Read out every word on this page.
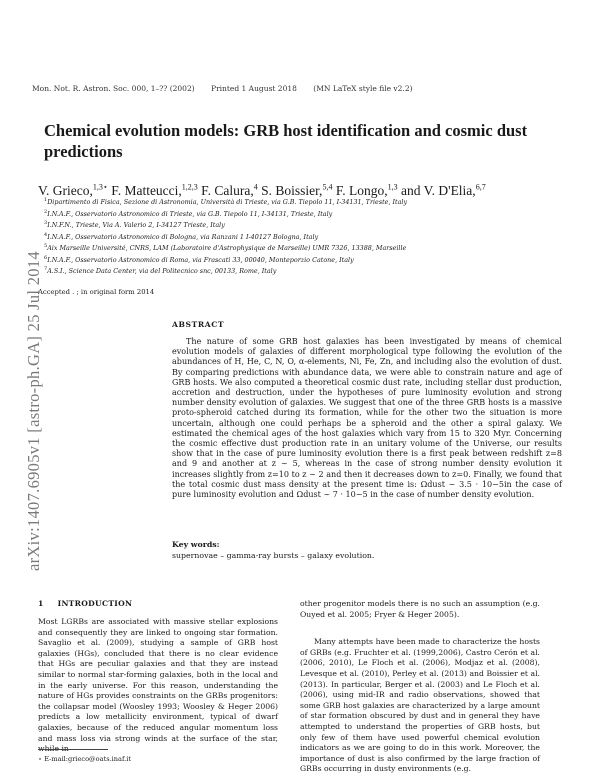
arXiv:1407.6905v1 [astro-ph.GA] 25 Jul 2014
Mon. Not. R. Astron. Soc. 000, 1–?? (2002) Printed 1 August 2018 (MN LaTeX style file v2.2)
Chemical evolution models: GRB host identification and cosmic dust predictions
V. Grieco,$^{1,3⋆}$ F. Matteucci,$^{1,2,3}$ F. Calura,$^4$ S. Boissier,$^{5,4}$ F. Longo,$^{1,3}$ and V. D'Elia,$^{6,7}$
$^1$Dipartimento di Fisica, Sezione di Astronomia, Università di Trieste, via G.B. Tiepolo 11, I-34131, Trieste, Italy
$^2$I.N.A.F., Osservatorio Astronomico di Trieste, via G.B. Tiepolo 11, I-34131, Trieste, Italy
$^3$I.N.F.N., Trieste, Via A. Valerio 2, I-34127 Trieste, Italy
$^4$I.N.A.F., Osservatorio Astronomico di Bologna, via Ranzani 1 I-40127 Bologna, Italy
$^5$Aix Marseille Université, CNRS, LAM (Laboratoire d'Astrophysique de Marseille) UMR 7326, 13388, Marseille
$^6$I.N.A.F., Osservatorio Astronomico di Roma, via Frascati 33, 00040, Monteporzio Catone, Italy
$^7$A.S.I., Science Data Center, via del Politecnico snc, 00133, Rome, Italy
Accepted . ; in original form 2014
ABSTRACT

The nature of some GRB host galaxies has been investigated by means of chemical evolution models of galaxies of different morphological type following the evolution of the abundances of H, He, C, N, O, α-elements, Ni, Fe, Zn, and including also the evolution of dust. By comparing predictions with abundance data, we were able to constrain nature and age of GRB hosts. We also computed a theoretical cosmic dust rate, including stellar dust production, accretion and destruction, under the hypotheses of pure luminosity evolution and strong number density evolution of galaxies. We suggest that one of the three GRB hosts is a massive proto-spheroid catched during its formation, while for the other two the situation is more uncertain, although one could perhaps be a spheroid and the other a spiral galaxy. We estimated the chemical ages of the host galaxies which vary from 15 to 320 Myr. Concerning the cosmic effective dust production rate in an unitary volume of the Universe, our results show that in the case of pure luminosity evolution there is a first peak between redshift z=8 and 9 and another at z ∼ 5, whereas in the case of strong number density evolution it increases slightly from z=10 to z ∼ 2 and then it decreases down to z=0. Finally, we found that the total cosmic dust mass density at the present time is: Ωdust ∼ 3.5 · 10−5in the case of pure luminosity evolution and Ωdust ∼ 7 · 10−5 in the case of number density evolution.

Key words:
supernovae – gamma-ray bursts – galaxy evolution.
1 INTRODUCTION

Most LGRBs are associated with massive stellar explosions and consequently they are linked to ongoing star formation. Savaglio et al. (2009), studying a sample of GRB host galaxies (HGs), concluded that there is no clear evidence that HGs are peculiar galaxies and that they are instead similar to normal star-forming galaxies, both in the local and in the early universe. For this reason, understanding the nature of HGs provides constraints on the GRBs progenitors: the collapsar model (Woosley 1993; Woosley & Heger 2006) predicts a low metallicity environment, typical of dwarf galaxies, because of the reduced angular momentum loss and mass loss via strong winds at the surface of the star, while in

other progenitor models there is no such an assumption (e.g. Ouyed et al. 2005; Fryer & Heger 2005).

Many attempts have been made to characterize the hosts of GRBs (e.g. Fruchter et al. (1999,2006), Castro Cerón et al. (2006, 2010), Le Floch et al. (2006), Modjaz et al. (2008), Levesque et al. (2010), Perley et al. (2013) and Boissier et al. (2013). In particular, Berger et al. (2003) and Le Floch et al. (2006), using mid-IR and radio observations, showed that some GRB host galaxies are characterized by a large amount of star formation obscured by dust and in general they have attempted to understand the properties of GRB hosts, but only few of them have used powerful chemical evolution indicators as we are going to do in this work. Moreover, the importance of dust is also confirmed by the large fraction of GRBs occurring in dusty environments (e.g.

⋆ E-mail:grieco@oats.inaf.it
